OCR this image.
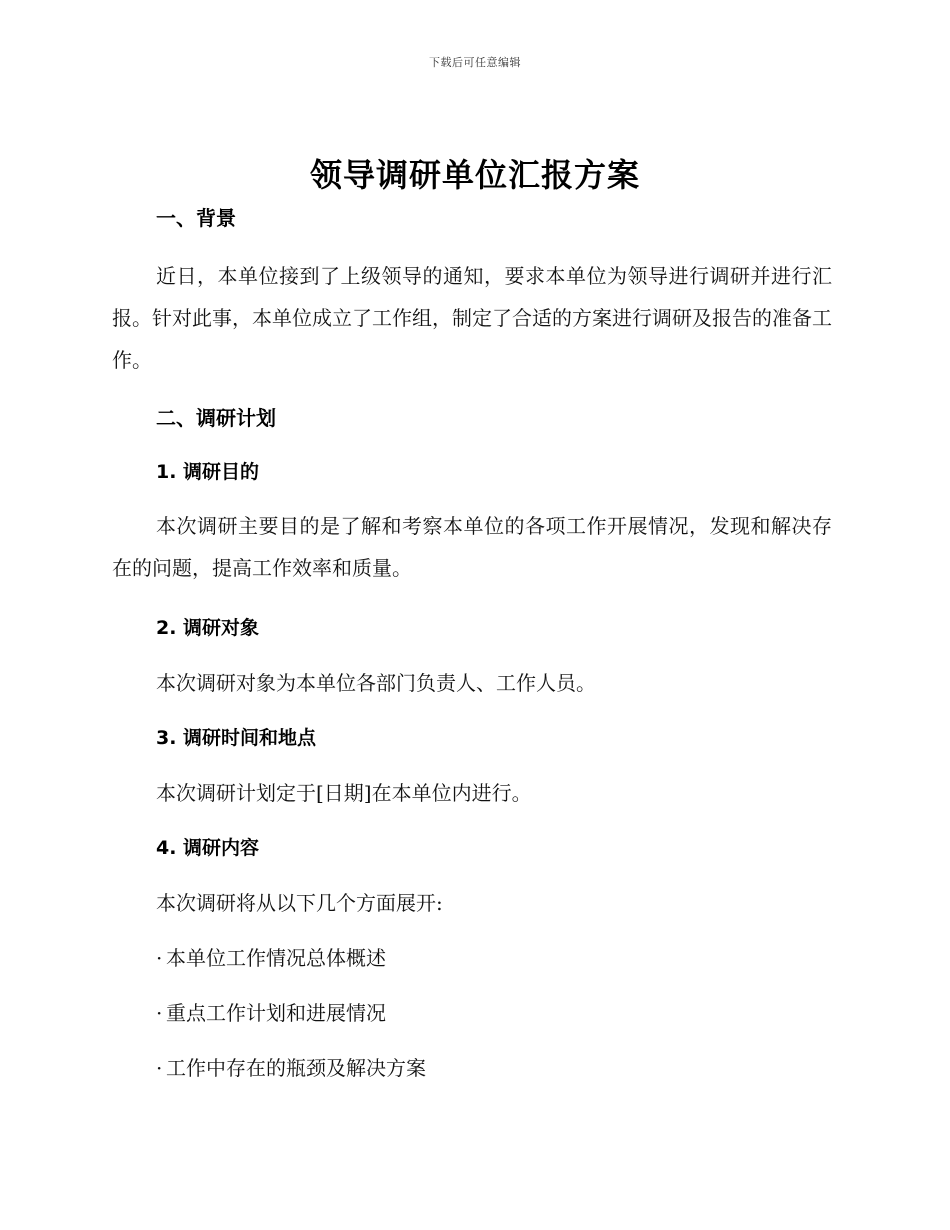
下载后可任意编辑
领导调研单位汇报方案
一、背景
近日，本单位接到了上级领导的通知，要求本单位为领导进行调研并进行汇报。针对此事，本单位成立了工作组，制定了合适的方案进行调研及报告的准备工作。
二、调研计划
1. 调研目的
本次调研主要目的是了解和考察本单位的各项工作开展情况，发现和解决存在的问题，提高工作效率和质量。
2. 调研对象
本次调研对象为本单位各部门负责人、工作人员。
3. 调研时间和地点
本次调研计划定于[日期]在本单位内进行。
4. 调研内容
本次调研将从以下几个方面展开:
· 本单位工作情况总体概述
· 重点工作计划和进展情况
· 工作中存在的瓶颈及解决方案
